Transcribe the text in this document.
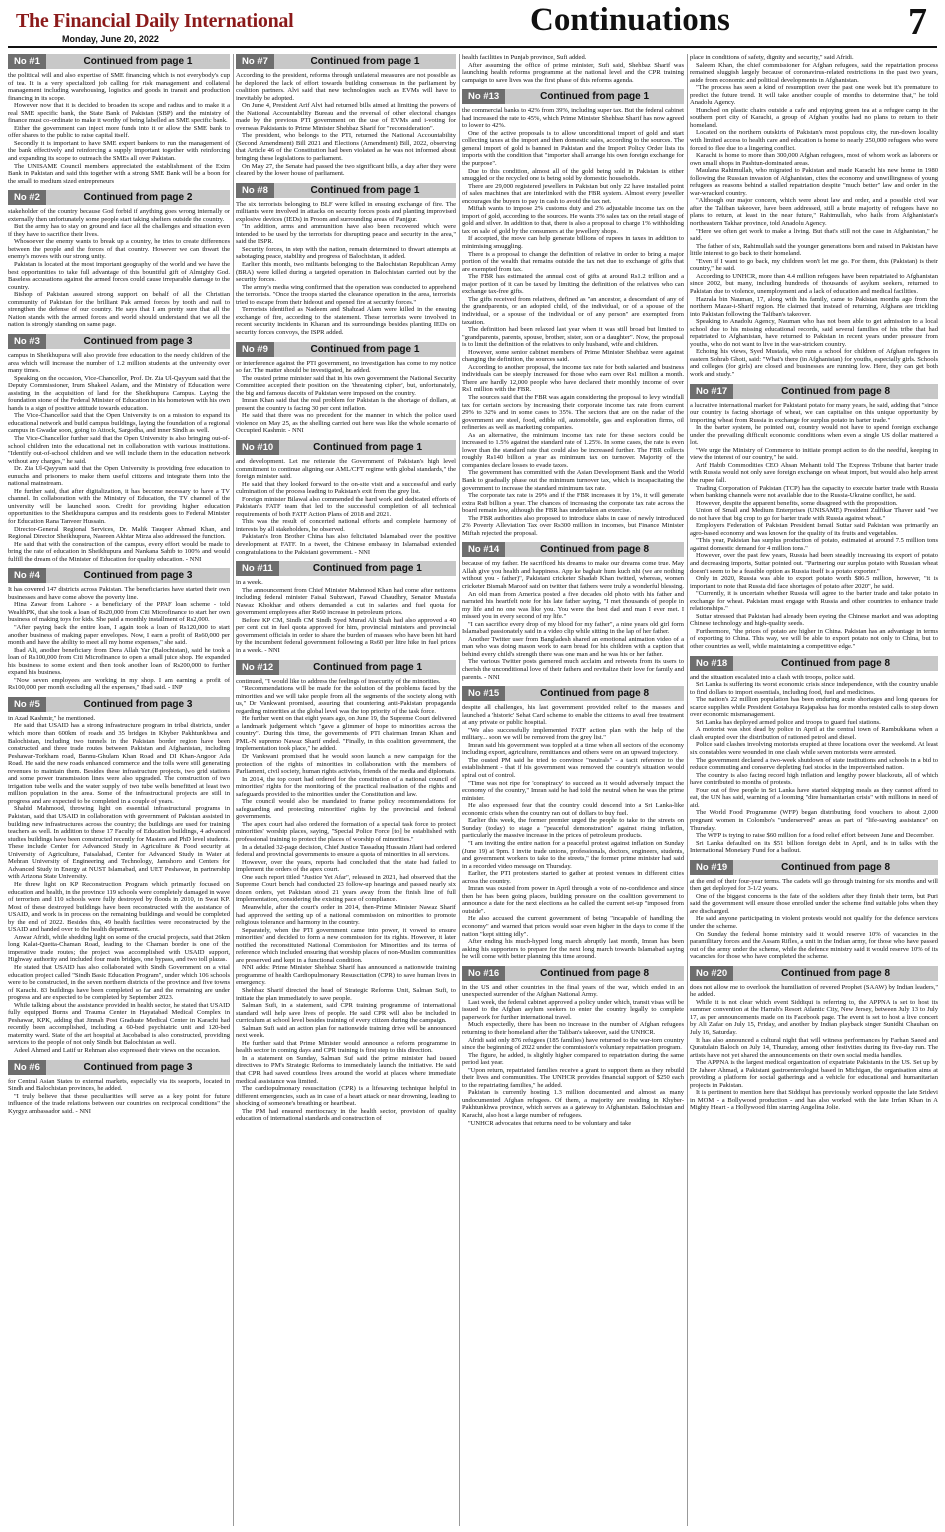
The Financial Daily International
Monday, June 20, 2022
Continuations	7
No #1	Continued from page 1

the political will and also expertise of SME financing which is not everybody's cup of tea. It is a very specialized job calling for risk management and collateral management including warehousing, logistics and goods in transit and production financing in its scope.

However now that it is decided to broaden its scope and radius and to make it a real SME specific bank, the State Bank of Pakistan (SBP) and the ministry of finance must co-ordinate to make it worthy of being labelled an SME specific bank.

Either the government can inject more funds into it or allow the SME bank to offer shares to the public to raise capital itself.

Secondly it is important to have SME expert bankers to run the management of the bank effectively and reinforcing a supply important together with reinforcing and expanding its scope to outreach the SMEs all over Pakistan.

The UNISAME Council members appreciated the establishment of the Exim Bank in Pakistan and said this together with a strong SME Bank will be a boon for the small to medium sized entrepreneurs

No #2	Continued from page 2

stakeholder of the country because God forbid if anything goes wrong internally or externally then unfortunately some people start taking shelters outside the country.

But the army has to stay on ground and face all the challenges and situation even if they have to sacrifice their lives.

Whosoever the enemy wants to break up a country, he tries to create differences between the people and the forces of that country. However we can thwart the enemy's moves with our strong unity.

Pakistan is located at the most important geography of the world and we have the best opportunities to take full advantage of this bountiful gift of Almighty God. Baseless accusations against the armed forces could cause irreparable damage to the country.

Bishop of Pakistan assured strong support on behalf of all the Christian community of Pakistan for the brilliant Pak armed forces by tooth and nail to strengthen the defense of our country. He says that I am pretty sure that all the Nation stands with the armed forces and world should understand that we all the nation is strongly standing on same page.

No #3	Continued from page 3

campus in Sheikhupura will also provide free education to the needy children of the area which will increase the number of 1.2 million students at the university over many times.

Speaking on the occasion, Vice-Chancellor, Prof. Dr. Zia Ul-Qayyum said that the Deputy Commissioner, Irum Shakeel Aslam, and the Ministry of Education were assisting in the acquisition of land for the Sheikhupura Campus. Laying the foundation stone of the Federal Minister of Education in his hometown with his own hands is a sign of positive attitude towards education.

The Vice-Chancellor said that the Open University is on a mission to expand its educational network and build campus buildings, laying the foundation of a regional campus in Gwadar soon, going to Attock, Sargodha, and inner Sindh as well.

The Vice-Chancellor further said that the Open University is also bringing out-of-school children into the educational net in collaboration with various institutions. "Identify out-of-school children and we will include them in the education network without any charges," he said.

Dr. Zia Ul-Qayyum said that the Open University is providing free education to eunuchs and prisoners to make them useful citizens and integrate them into the national mainstream.

He further said, that after digitalization, it has become necessary to have a TV channel. In collaboration with the Ministry of Education, the TV channel of the university will be launched soon. Credit for providing higher education opportunities to the Sheikhupura campus and its residents goes to Federal Minister for Education Rana Tanveer Hussain.

Director-General Regional Services, Dr. Malik Tauqeer Ahmad Khan, and Regional Director Sheikhupura, Nasreen Akhtar Mirza also addressed the function.

He said that with the construction of the campus, every effort would be made to bring the rate of education in Sheikhupura and Nankana Sahib to 100% and would fulfill the dream of the Minister of Education for quality education. - NNI

No #4	Continued from page 3

It has covered 147 districts across Pakistan. The beneficiaries have started their own businesses and have come above the poverty line.

Hina Zawar from Lahore - a beneficiary of the PPAF loan scheme - told WealthPK, that she took a loan of Rs20,000 from Citi Microfinance to start her own business of making toys for kids. She paid a monthly installment of Rs2,000.

"After paying back the entire loan, I again took a loan of Rs120,000 to start another business of making paper envelopes. Now, I earn a profit of Rs60,000 per month and have the ability to meet all my home expenses," she said.

Ibad Ali, another beneficiary from Dera Allah Yar (Balochistan), said he took a loan of Rs100,000 from Citi Microfinance to open a small juice shop. He expanded his business to some extent and then took another loan of Rs200,000 to further expand his business.

"Now seven employees are working in my shop. I am earning a profit of Rs100,000 per month excluding all the expenses," Ibad said. - INP

No #5	Continued from page 3

in Azad Kashmir," he mentioned.

He said that USAID has a strong infrastructure program in tribal districts, under which more than 600km of roads and 35 bridges in Khyber Pakhtunkhwa and Balochistan, including two tunnels in the Pakistan border region have been constructed and three trade routes between Pakistan and Afghanistan, including Peshawar-Torkham road, Bannu-Ghulam Khan Road and DI Khan-Angoor Ada Road. He said the new roads enhanced commerce and the tolls were still generating revenues to maintain them. Besides these infrastructure projects, two grid stations and some power transmission lines were also upgraded. The construction of two irrigation tube wells and the water supply of two tube wells benefitted at least two million population in the area. Some of the infrastructural projects are still in progress and are expected to be completed in a couple of years.

Shahid Mahmood, throwing light on essential infrastructural programs in Pakistan, said that USAID in collaboration with government of Pakistan assisted in building new infrastructures across the country; the buildings are used for training teachers as well. In addition to these 17 Faculty of Education buildings, 4 advanced studies buildings have been constructed recently for Masters and PhD level students. These include Center for Advanced Study in Agriculture & Food security at University of Agriculture, Faisalabad, Center for Advanced Study in Water at Mehran University of Engineering and Technology, Jamshoro and Centers for Advanced Study in Energy at NUST Islamabad, and UET Peshawar, in partnership with Arizona State University.

He threw light on KP Reconstruction Program which primarily focused on education and health, in the province 119 schools were completely damaged in wave of terrorism and 110 schools were fully destroyed by floods in 2010, in Swat KP. Most of these destroyed buildings have been reconstructed with the assistance of USAID, and work is in process on the remaining buildings and would be completed by the end of 2022. Besides this, 49 health facilities were reconstructed by the USAID and handed over to the health department.

Anwar Afridi, while shedding light on some of the crucial projects, said that 26km long Kalat-Quetta-Chaman Road, leading to the Chaman border is one of the imperative trade routes; the project was accomplished with USAID support, Highway authority and included four main bridges, one bypass, and two toll plazas.

He stated that USAID has also collaborated with Sindh Government on a vital education project called "Sindh Basic Education Program", under which 106 schools were to be constructed, in the seven northern districts of the province and five towns of Karachi. 83 buildings have been completed so far and the remaining are under progress and are expected to be completed by September 2023.

While talking about the assistance provided in health sector, he stated that USAID fully equipped Burns and Trauma Center in Hayatabad Medical Complex in Peshawar, KPK, adding that Jinnah Post Graduate Medical Center in Karachi had recently been accomplished, including a 60-bed psychiatric unit and 120-bed maternity ward. State of the art hospital at Jacobabad is also constructed, providing services to the people of not only Sindh but Balochistan as well.

Adeel Ahmed and Latif ur Rehman also expressed their views on the occasion.

No #6	Continued from page 3

for Central Asian States to external markets, especially via its seaports, located in Sindh and Balochistan provinces, he added.

"I truly believe that these peculiarities will serve as a key point for future influence of the trade relations between our countries on reciprocal conditions" the Kyrgyz ambassador said. - NNI

No #7	Continued from page 1

According to the president, reforms through unilateral measures are not possible as he deplored the lack of effort towards building consensus in the parliament by coalition partners. Alvi said that new technologies such as EVMs will have to inevitably be adopted.

On June 4, President Arif Alvi had returned bills aimed at limiting the powers of the National Accountability Bureau and the reversal of other electoral changes made by the previous PTI government on the use of EVMs and i-voting for overseas Pakistanis to Prime Minister Shehbaz Sharif for "reconsideration".

The president, who belongs to the PTI, returned the National Accountability (Second Amendment) Bill 2021 and Elections (Amendment) Bill, 2022, observing that Article 46 of the Constitution had been violated as he was not informed about bringing these legislations to parliament.

On May 27, the Senate had passed the two significant bills, a day after they were cleared by the lower house of parliament.

No #8	Continued from page 1

The six terrorists belonging to BLF were killed in ensuing exchange of fire. The militants were involved in attacks on security forces posts and planting improvised explosive devices (IEDs) in Proom and surrounding areas of Panjgur.

"In addition, arms and ammunition have also been recovered which were intended to be used by the terrorists for disrupting peace and security in the area," said the ISPR.

Security forces, in step with the nation, remain determined to thwart attempts at sabotaging peace, stability and progress of Balochistan, it added.

Earlier this month, two militants belonging to the Balochistan Republican Army (BRA) were killed during a targeted operation in Balochistan carried out by the security forces.

The army's media wing confirmed that the operation was conducted to apprehend the terrorists. "Once the troops started the clearance operation in the area, terrorists tried to escape from their hideout and opened fire at security forces."

Terrorists identified as Nadeem and Shahzad Alam were killed in the ensuing exchange of fire, according to the statement. These terrorists were involved in recent security incidents in Kharan and its surroundings besides planting IEDs on security forces convoys, the ISPR added.

No #9	Continued from page 1

or interference against the PTI government, no investigation has come to my notice so far. The matter should be investigated, he added.

The ousted prime minister said that in his own government the National Security Committee accepted their position on the 'threatening cipher', but, unfortunately, the big and famous dacoits of Pakistan were imposed on the country.

Imran Khan said that the real problem for Pakistan is the shortage of dollars, at present the country is facing 30 per cent inflation.

He said that there was no precedent for the manner in which the police used violence on May 25, as the shelling carried out here was like the whole scenario of Occupied Kashmir. - NNI

No #10	Continued from page 1

and development. Let me reiterate the Government of Pakistan's high level commitment to continue aligning our AML/CFT regime with global standards," the foreign minister said.

He said that they looked forward to the on-site visit and a successful and early culmination of the process leading to Pakistan's exit from the grey list.

Foreign minister Bilawal also commended the hard work and dedicated efforts of Pakistan's FATF team that led to the successful completion of all technical requirements of both FATF Action Plans of 2018 and 2021.

This was the result of concerted national efforts and complete harmony of interests by all stakeholders, he observed.

Pakistan's Iron Brother China has also felicitated Islamabad over the positive development at FATF. In a tweet, the Chinese embassy in Islamabad extended congratulations to the Pakistani government. - NNI

No #11	Continued from page 1

in a week.

The announcement from Chief Minister Mahmood Khan had come after netizens including federal minister Faisal Subzwari, Fawad Chaudhry, Senator Mustafa Nawaz Khokhar and others demanded a cut in salaries and fuel quota for government employees after Rs60 increase in petroleum prices.

Before KP CM, Sindh CM Sindh Syed Murad Ali Shah had also approved a 40 per cent cut in fuel quota approved for him, provincial ministers and provincial government officials in order to share the burden of masses who have been hit hard by the incumbent federal government following a Rs60 per litre hike in fuel prices in a week. - NNI

No #12	Continued from page 1

continued, "I would like to address the feelings of insecurity of the minorities.

"Recommendations will be made for the solution of the problems faced by the minorities and we will take people from all the segments of the society along with us," Dr Vankwani promised, assuring that countering anti-Pakistan propaganda regarding minorities at the global level was the top priority of the task force.

He further went on that eight years ago, on June 19, the Supreme Court delivered a landmark judgement which "gave a glimmer of hope to minorities across the country". During this time, the governments of PTI chairman Imran Khan and PML-N supremo Nawaz Sharif ended. "Finally, in this coalition government, the implementation took place," he added.

Dr Vankwani promised that he would soon launch a new campaign for the protection of the rights of minorities in collaboration with the members of Parliament, civil society, human rights activists, friends of the media and diplomats.

In 2014, the top court had ordered for the constitution of a national council of minorities' rights for the monitoring of the practical realisation of the rights and safeguards provided to the minorities under the Constitution and law.

The council would also be mandated to frame policy recommendations for safeguarding and protecting minorities' rights by the provincial and federal governments.

The apex court had also ordered the formation of a special task force to protect minorities' worship places, saying, "Special Police Force [to] be established with professional training to protect the places of worship of minorities."

In a detailed 32-page decision, Chief Justice Tassaduq Hussain Jilani had ordered federal and provincial governments to ensure a quota of minorities in all services.

However, over the years, reports had concluded that the state had failed to implement the orders of the apex court.

One such report titled "Justice Yet Afar", released in 2021, had observed that the Supreme Court bench had conducted 23 follow-up hearings and passed nearly six dozen orders, yet Pakistan stood 21 years away from the finish line of full implementation, considering the existing pace of compliance.

Meanwhile, after the court's order in 2014, then-Prime Minister Nawaz Sharif had approved the setting up of a national commission on minorities to promote religious tolerance and harmony in the country.

Separately, when the PTI government came into power, it vowed to ensure minorities' and decided to form a new commission for its rights. However, it later notified the reconstituted National Commission for Minorities and its terms of reference which included ensuring that worship places of non-Muslim communities are preserved and kept in a functional condition.

NNI adds: Prime Minister Shehbaz Sharif has announced a nationwide training programme of health Cardiopulmonary Resuscitation (CPR) to save human lives in emergency.

Shehbaz Sharif directed the head of Strategic Reforms Unit, Salman Sufi, to initiate the plan immediately to save people.

Salman Sufi, in a statement, said CPR training programme of international standard will help save lives of people. He said CPR will also be included in curriculum at school level besides training of every citizen during the campaign.

Salman Sufi said an action plan for nationwide training drive will be announced next week.

He further said that Prime Minister would announce a reform programme in health sector in coming days and CPR training is first step to this direction.

In a statement on Sunday, Salman Suf said the prime minister had issued directives to PM's Strategic Reforms to immediately launch the initiative. He said that CPR had saved countless lives around the world at places where immediate medical assistance was limited.

The cardiopulmonary resuscitation (CPR) is a lifesaving technique helpful in different emergencies, such as in case of a heart attack or near drowning, leading to shocking of someone's breathing or heartbeat.

The PM had ensured meritocracy in the health sector, provision of quality education of international standards and construction of

health facilities in Punjab province, Sufi added.

After assuming the office of prime minister, Sufi said, Shehbaz Sharif was launching health reforms programme at the national level and the CPR training campaign to save lives was the first phase of this reforms agenda.

No #13	Continued from page 1

the commercial banks to 42% from 39%, including super tax. But the federal cabinet had increased the rate to 45%, which Prime Minister Shehbaz Sharif has now agreed to lower to 42%.

One of the active proposals is to allow unconditional import of gold and start collecting taxes at the import and then domestic sales, according to the sources. The general import of gold is banned in Pakistan and the Import Policy Order lists its imports with the condition that "importer shall arrange his own foreign exchange for the purpose".

Due to this condition, almost all of the gold being sold in Pakistan is either smuggled or the recycled one is being sold by domestic households.

There are 29,000 registered jewellers in Pakistan but only 22 have installed point of sales machines that are interlinked with the FBR system. Almost every jeweller encourages the buyers to pay in cash to avoid the tax net.

Miftah wants to impose 2% customs duty and 2% adjustable income tax on the import of gold, according to the sources. He wants 3% sales tax on the retail stage of gold and silver. In addition to that, there is also a proposal to charge 1% withholding tax on sale of gold by the consumers at the jewellery shops.

If accepted, the move can help generate billions of rupees in taxes in addition to minimising smuggling.

There is a proposal to change the definition of relative in order to bring a major portion of the wealth that remains outside the tax net due to exchange of gifts that are exempted from tax.

The FBR has estimated the annual cost of gifts at around Rs1.2 trillion and a major portion of it can be taxed by limiting the definition of the relatives who can exchange tax-free gifts.

The gifts received from relatives, defined as "an ancestor, a descendant of any of the grandparents, or an adopted child, of the individual, or of a spouse of the individual, or a spouse of the individual or of any person" are exempted from taxation.

The definition had been relaxed last year when it was still broad but limited to "grandparents, parents, spouse, brother, sister, son or a daughter". Now, the proposal is to limit the definition of the relatives to only husband, wife and children.

However, some senior cabinet members of Prime Minister Shehbaz were against changing the definition, the sources said.

According to another proposal, the income tax rate for both salaried and business individuals can be steeply increased for those who earn over Rs1 million a month. There are hardly 12,000 people who have declared their monthly income of over Rs1 million with the FBR.

The sources said that the FBR was again considering the proposal to levy windfall tax for certain sectors by increasing their corporate income tax rate from current 29% to 32% and in some cases to 35%. The sectors that are on the radar of the government are steel, food, edible oil, automobile, gas and exploration firms, oil refineries as well as marketing companies.

As an alternative, the minimum income tax rate for these sectors could be increased to 1.5% against the standard rate of 1.25%. In some cases, the rate is even lower than the standard rate that could also be increased further. The FBR collects roughly Rs140 billion a year as minimum tax on turnover. Majority of the companies declare losses to evade taxes.

The government has committed with the Asian Development Bank and the World Bank to gradually phase out the minimum turnover tax, which is incapacitating the government to increase the standard minimum tax rate.

The corporate tax rate is 29% and if the FBR increases it by 1%, it will generate extra Rs8 billion a year. The chances of increasing the corporate tax rate across the board remain low, although the FBR has undertaken an exercise.

The FBR authorities also proposed to introduce slabs in case of newly introduced 2% Poverty Alleviation Tax over Rs300 million in incomes, but Finance Minister Miftah rejected the proposal.

No #14	Continued from page 8

because of my father. He sacrificed his dreams to make our dreams come true. May Allah give you health and happiness. App ke baghair hum kuch nhi (we are nothing without you - father)", Pakistani cricketer Shadab Khan twitted, whereas, women cricketer Bismah Maroof said on twitter that fathers were truly a wonderful blessing.

An old man from America posted a five decades old photo with his father and narrated his heartfelt note for his late father saying, "I met thousands of people in my life and no one was like you. You were the best dad and man I ever met. I missed you in every second of my life."

"I can sacrifice every drop of my blood for my father", a nine years old girl form Islamabad passionately said in a video clip while sitting in the lap of her father.

Another Twitter user from Bangladesh shared an emotional animation video of a man who was doing mason work to earn bread for his children with a caption that behind every child's strength there was one man and he was his or her father.

The various Twitter posts garnered much acclaim and retweets from its users to cherish the unconditional love of their fathers and revitalize their love for family and parents. - NNI

No #15	Continued from page 8

despite all challenges, his last government provided relief to the masses and launched a 'historic' Sehat Card scheme to enable the citizens to avail free treatment at any private or public hospital.

"We also successfully implemented FATF action plan with the help of the military... soon we will be removed from the grey list."

Imran said his government was toppled at a time when all sectors of the economy including export, agriculture, remittances and others were on an upward trajectory.

The ousted PM said he tried to convince "neutrals" - a tacit reference to the establishment - that if his government was removed the country's situation would spiral out of control.

"Time was not ripe for 'conspiracy' to succeed as it would adversely impact the economy of the country," Imran said he had told the neutral when he was the prime minister.

He also expressed fear that the country could descend into a Sri Lanka-like economic crisis when the country ran out of dollars to buy fuel.

Earlier this week, the former premier urged the people to take to the streets on Sunday (today) to stage a "peaceful demonstration" against rising inflation, particularly the massive increase in the prices of petroleum products.

"I am inviting the entire nation for a peaceful protest against inflation on Sunday (June 19) at 9pm. I invite trade unions, professionals, doctors, engineers, students, and government workers to take to the streets," the former prime minister had said in a recorded video message on Thursday.

Earlier, the PTI protesters started to gather at protest venues in different cities across the country.

Imran was ousted from power in April through a vote of no-confidence and since then he has been going places, building pressure on the coalition government to announce a date for the next elections as he called the current set-up "imposed from outside".

He also accused the current government of being "incapable of handling the economy" and warned that prices would soar even higher in the days to come if the nation "kept sitting idly".

After ending his much-hyped long march abruptly last month, Imran has been asking his supporters to prepare for the next long march towards Islamabad saying he will come with better planning this time around.

No #16	Continued from page 8

in the US and other countries in the final years of the war, which ended in an unexpected surrender of the Afghan National Army.

Last week, the federal cabinet approved a policy under which, transit visas will be issued to the Afghan asylum seekers to enter the country legally to complete paperwork for further international travel.

Much expectedly, there has been no increase in the number of Afghan refugees returning to their homeland after the Taliban's takeover, said the UNHCR.

Afridi said only 876 refugees (185 families) have returned to the war-torn country since the beginning of 2022 under the commission's voluntary repatriation program.

The figure, he added, is slightly higher compared to repatriation during the same period last year.

"Upon return, repatriated families receive a grant to support them as they rebuild their lives and communities. The UNHCR provides financial support of $250 each to the repatriating families," he added.

Pakistan is currently hosting 1.3 million documented and almost as many undocumented Afghan refugees. Of them, a majority are residing in Khyber-Pakhtunkhwa province, which serves as a gateway to Afghanistan. Balochistan and Karachi, also host a large number of refugees.

"UNHCR advocates that returns need to be voluntary and take

place in conditions of safety, dignity and security," said Afridi.

Saleem Khan, the chief commissioner for Afghan refugees, said the repatriation process remained sluggish largely because of coronavirus-related restrictions in the past two years, aside from economic and political developments in Afghanistan.

"The process has seen a kind of resumption over the past one week but it's premature to predict the future trend. It will take another couple of months to determine that," he told Anadolu Agency.

Hunched on plastic chairs outside a cafe and enjoying green tea at a refugee camp in the southern port city of Karachi, a group of Afghan youths had no plans to return to their homeland.

Located on the northern outskirts of Pakistan's most populous city, the run-down locality with limited access to health care and education is home to nearly 250,000 refugees who were forced to flee due to a lingering conflict.

Karachi is home to more than 300,000 Afghan refugees, most of whom work as laborers or own small shops in Pashtun-dominated areas.

Maulana Rahimullah, who migrated to Pakistan and made Karachi his new home in 1980 following the Russian invasion of Afghanistan, cites the economy and unwillingness of young refugees as reasons behind a stalled repatriation despite "much better" law and order in the war-wracked country.

"Although our major concern, which were about law and order, and a possible civil war after the Taliban takeover, have been addressed, still a brute majority of refugees have no plans to return, at least in the near future," Rahimullah, who hails from Afghanistan's northeastern Takhar province, told Anadolu Agency.

"Here we often get work to make a living. But that's still not the case in Afghanistan," he said.

The father of six, Rahimullah said the younger generations born and raised in Pakistan have little interest to go back to their homeland.

"Even if I want to go back, my children won't let me go. For them, this (Pakistan) is their country," he said.

According to UNHCR, more than 4.4 million refugees have been repatriated to Afghanistan since 2002, but many, including hundreds of thousands of asylum seekers, returned to Pakistan due to violence, unemployment and a lack of education and medical facilities.

Hazrala bin Nauman, 17, along with his family, came to Pakistan months ago from the northern Mazar-i-Sharif region. He claimed that instead of returning, Afghans are trickling into Pakistan following the Taliban's takeover.

Speaking to Anadolu Agency, Nauman who has not been able to get admission to a local school due to his missing educational records, said several families of his tribe that had repatriated to Afghanistan, have returned to Pakistan in recent years under pressure from youths, who do not want to live in the war-stricken country.

Echoing his views, Syed Mustafa, who runs a school for children of Afghan refugees in eastern Sohrab Ghoti, said: "What's there (in Afghanistan) for youths, especially girls. Schools and colleges (for girls) are closed and businesses are running low. Here, they can get both work and study."

No #17	Continued from page 8

a lucrative international market for Pakistani potato for many years, he said, adding that "since our country is facing shortage of wheat, we can capitalise on this unique opportunity by importing wheat from Russia in exchange for surplus potato in barter trade."

In the barter system, he pointed out, country would not have to spend foreign exchange under the prevailing difficult economic conditions when even a single US dollar mattered a lot.

"We urge the Ministry of Commerce to initiate prompt action to do the needful, keeping in view the interest of our country," he said.

Arif Habib Commodities CEO Ahsan Mehanti told The Express Tribune that barter trade with Russia would not only save foreign exchange on wheat import, but would also help arrest the rupee fall.

Trading Corporation of Pakistan (TCP) has the capacity to execute barter trade with Russia when banking channels were not available due to the Russia-Ukraine conflict, he said.

However, despite the apparent benefits, some disagreed with the proposition.

Union of Small and Medium Enterprises (UNISAME) President Zulfikar Thaver said "we do not have that big crop to go for barter trade with Russia against wheat."

Employers Federation of Pakistan President Ismail Suttar said Pakistan was primarily an agro-based economy and was known for the quality of its fruits and vegetables.

"This year, Pakistan has surplus production of potato, estimated at around 7.5 million tons against domestic demand for 4 million tons."

However, over the past few years, Russia had been steadily increasing its export of potato and decreasing imports, Suttar pointed out. "Partnering our surplus potato with Russian wheat doesn't seem to be a feasible option as Russia itself is a potato exporter."

Only in 2020, Russia was able to export potato worth $86.5 million, however, "it is important to note that Russia did face shortages of potato after 2020", he said.

"Currently, it is uncertain whether Russia will agree to the barter trade and take potato in exchange for wheat. Pakistan must engage with Russia and other countries to enhance trade relationships."

Suttar stressed that Pakistan had already been eyeing the Chinese market and was adopting Chinese technology and high-quality seeds.

Furthermore, "the prices of potato are higher in China. Pakistan has an advantage in terms of exporting to China. This way, we will be able to export potato not only to China, but to other countries as well, while maintaining a competitive edge."

No #18	Continued from page 8

and the situation escalated into a clash with troops, police said.

Sri Lanka is suffering its worst economic crisis since independence, with the country unable to find dollars to import essentials, including food, fuel and medicines.

The nation's 22 million population has been enduring acute shortages and long queues for scarce supplies while President Gotabaya Rajapaksa has for months resisted calls to step down over economic mismanagement.

Sri Lanka has deployed armed police and troops to guard fuel stations.

A motorist was shot dead by police in April at the central town of Rambukkana when a clash erupted over the distribution of rationed petrol and diesel.

Police said clashes involving motorists erupted at three locations over the weekend. At least six constables were wounded in one clash while seven motorists were arrested.

The government declared a two-week shutdown of state institutions and schools in a bid to reduce commuting and conserve depleting fuel stocks in the impoverished nation.

The country is also facing record high inflation and lengthy power blackouts, all of which have contributed to months of protests.

Four out of five people in Sri Lanka have started skipping meals as they cannot afford to eat, the UN has said, warning of a looming "dire humanitarian crisis" with millions in need of aid.

The World Food Programme (WFP) began distributing food vouchers to about 2,000 pregnant women in Colombo's "underserved" areas as part of "life-saving assistance" on Thursday.

The WFP is trying to raise $60 million for a food relief effort between June and December.

Sri Lanka defaulted on its $51 billion foreign debt in April, and is in talks with the International Monetary Fund for a bailout.

No #19	Continued from page 8

at the end of their four-year terms. The cadets will go through training for six months and will then get deployed for 3-1/2 years.

One of the biggest concerns is the fate of the soldiers after they finish their term, but Puri said the government will ensure those enrolled under the scheme find suitable jobs when they are discharged.

He said anyone participating in violent protests would not qualify for the defence services under the scheme.

On Sunday the federal home ministry said it would reserve 10% of vacancies in the paramilitary forces and the Assam Rifles, a unit in the Indian army, for those who have passed out of the army under the scheme, while the defence ministry said it would reserve 10% of its vacancies for those who have completed the scheme.

No #20	Continued from page 8

does not allow me to overlook the humiliation of revered Prophet (SAAW) by Indian leaders," he added.

While it is not clear which event Siddiqui is referring to, the APPNA is set to host its summer convention at the Harrah's Resort Atlantic City, New Jersey, between July 13 to July 17, as per announcements made on its Facebook page. The event is set to host a live concert by Ali Zafar on July 15, Friday, and another by Indian playback singer Sunidhi Chauhan on July 16, Saturday.

It has also announced a cultural night that will witness performances by Farhan Saeed and Quratulain Baloch on July 14, Thursday, among other festivities during its five-day run. The artists have not yet shared the announcements on their own social media handles.

The APPNA is the largest medical organization of expatriate Pakistanis in the US. Set up by Dr Jaheer Ahmad, a Pakistani gastroenterologist based in Michigan, the organisation aims at providing a platform for social gatherings and a vehicle for educational and humanitarian projects in Pakistan.

It is pertinent to mention here that Siddiqui has previously worked opposite the late Sridevi in MOM - a Bollywood production - and has also worked with the late Irrfan Khan in A Mighty Heart - a Hollywood film starring Angelina Jolie.
